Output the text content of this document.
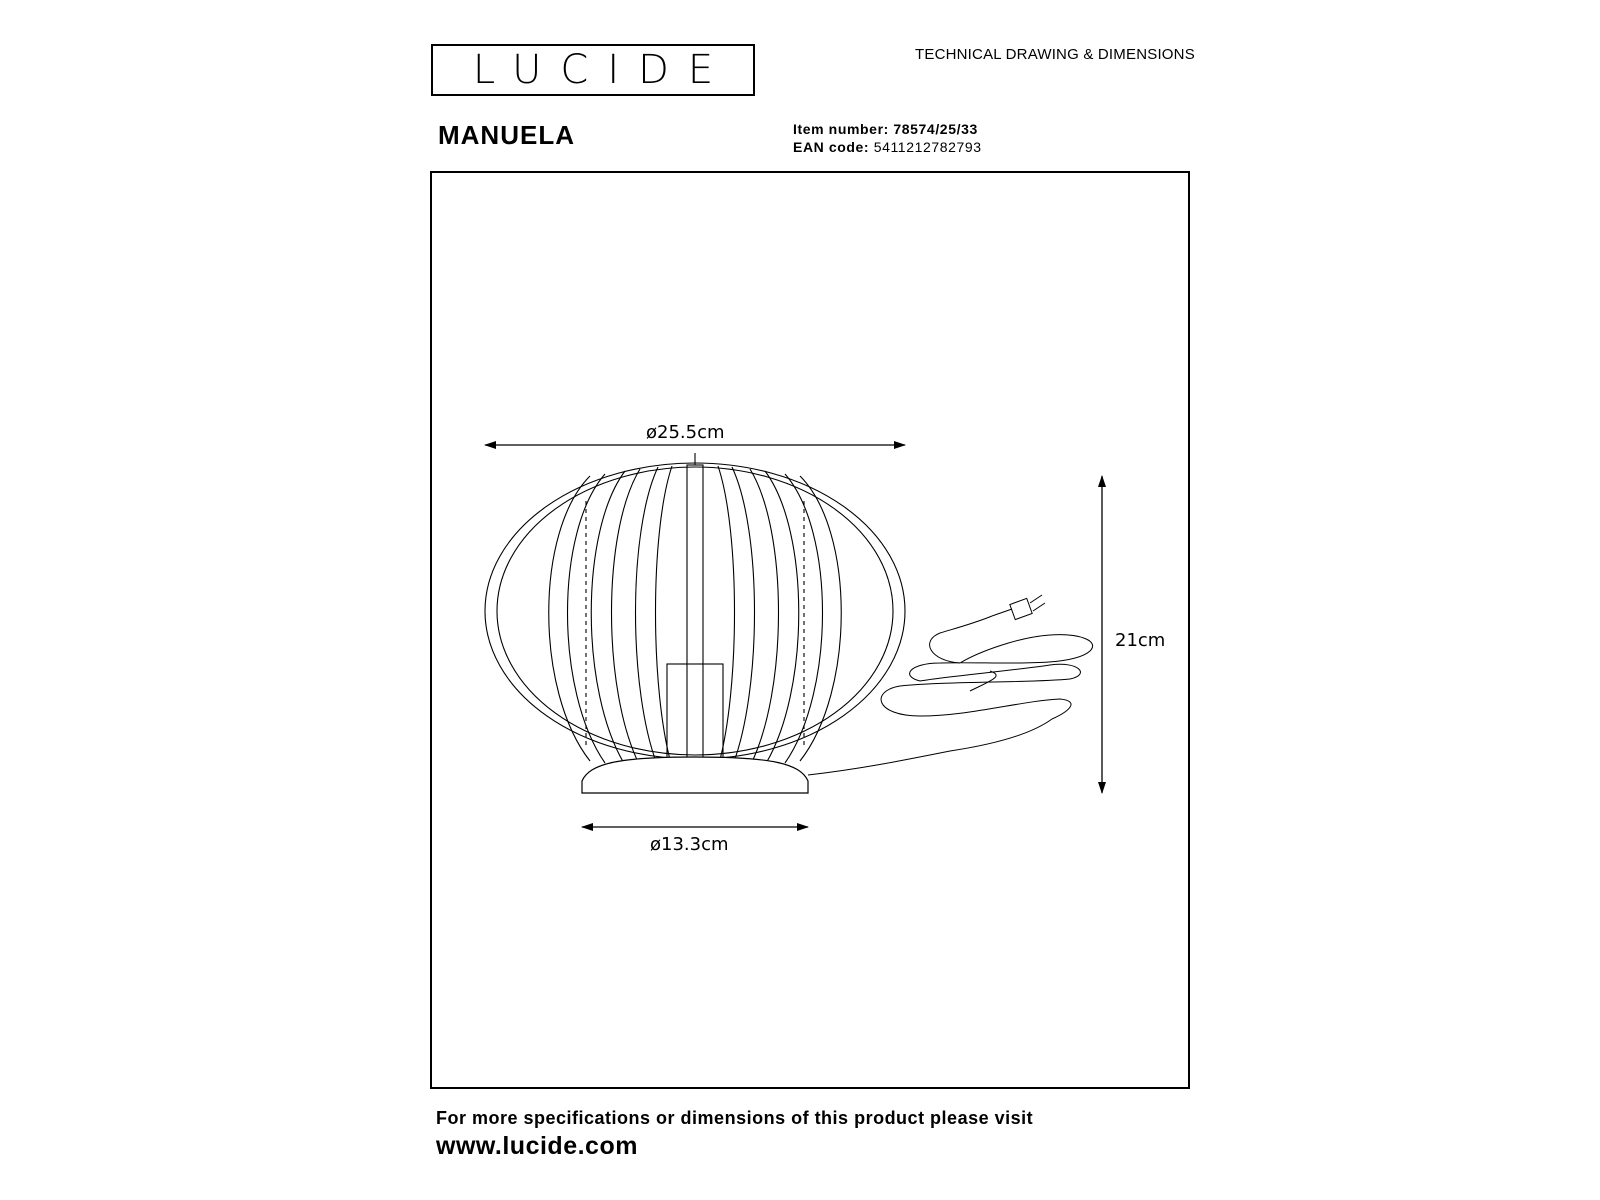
LUCIDE	TECHNICAL DRAWING & DIMENSIONS
MANUELA	Item number: 78574/25/33
EAN code: 5411212782793
ø25.5cm
21cm
ø13.3cm
For more specifications or dimensions of this product please visit
www.lucide.com
